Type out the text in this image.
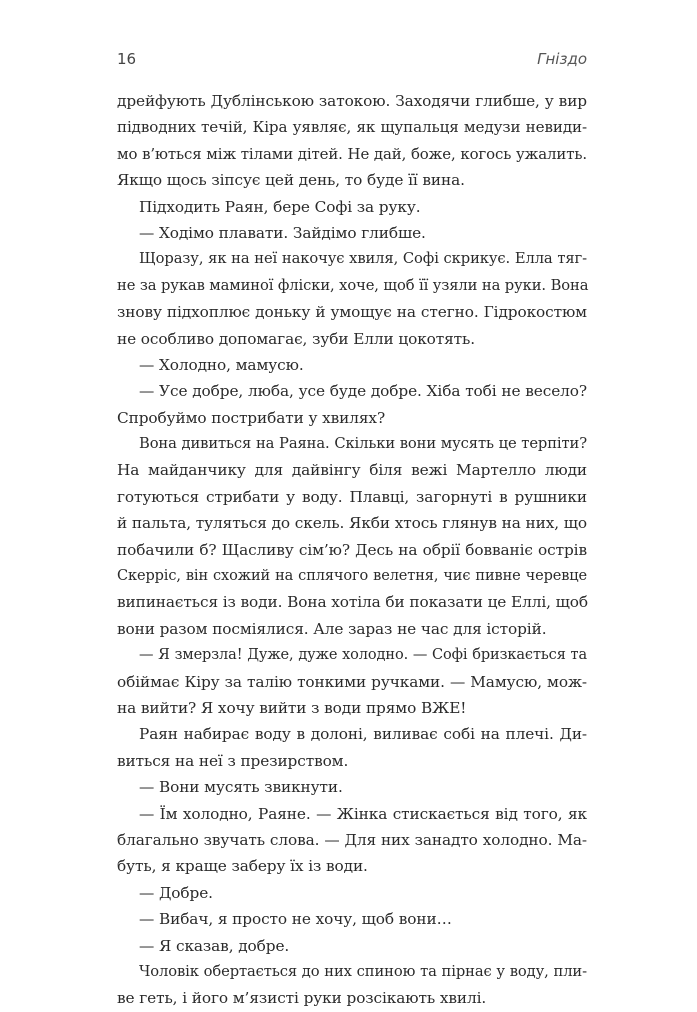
16	Гніздо
дрейфують Дублінською затокою. Заходячи глибше, у вир
підводних течій, Кіра уявляє, як щупальця медузи невиди-
мо в’ються між тілами дітей. Не дай, боже, когось ужалить.
Якщо щось зіпсує цей день, то буде її вина.
Підходить Раян, бере Софі за руку.
— Ходімо плавати. Зайдімо глибше.
Щоразу, як на неї накочує хвиля, Софі скрикує. Елла тяг-
не за рукав маминої фліски, хоче, щоб її узяли на руки. Вона
знову підхоплює доньку й умощує на стегно. Гідрокостюм
не особливо допомагає, зуби Елли цокотять.
— Холодно, мамусю.
— Усе добре, люба, усе буде добре. Хіба тобі не весело?
Спробуймо пострибати у хвилях?
Вона дивиться на Раяна. Скільки вони мусять це терпіти?
На майданчику для дайвінгу біля вежі Мартелло люди
готуються стрибати у воду. Плавці, загорнуті в рушники
й пальта, туляться до скель. Якби хтось глянув на них, що
побачили б? Щасливу сім’ю? Десь на обрії бовваніє острів
Скерріс, він схожий на сплячого велетня, чиє пивне черевце
випинається із води. Вона хотіла би показати це Еллі, щоб
вони разом посміялися. Але зараз не час для історій.
— Я змерзла! Дуже, дуже холодно. — Софі бризкається та
обіймає Кіру за талію тонкими ручками. — Мамусю, мож-
на вийти? Я хочу вийти з води прямо ВЖЕ!
Раян набирає воду в долоні, виливає собі на плечі. Ди-
виться на неї з презирством.
— Вони мусять звикнути.
— Їм холодно, Раяне. — Жінка стискається від того, як
благально звучать слова. — Для них занадто холодно. Ма-
буть, я краще заберу їх із води.
— Добре.
— Вибач, я просто не хочу, щоб вони…
— Я сказав, добре.
Чоловік обертається до них спиною та пірнає у воду, пли-
ве геть, і його м’язисті руки розсікають хвилі.
